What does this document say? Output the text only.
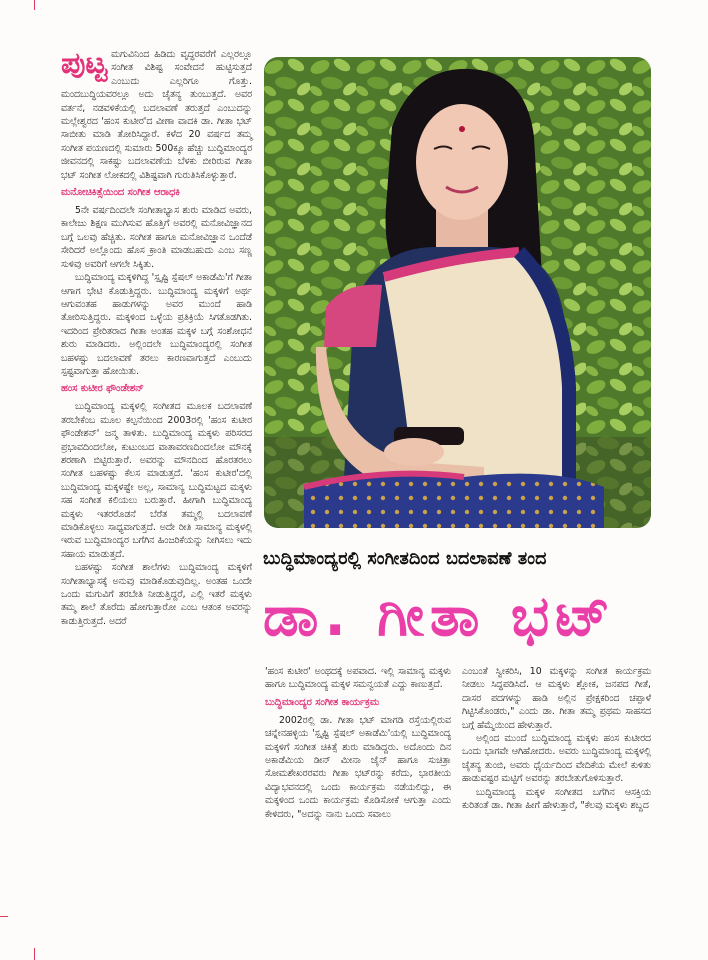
ಪುಟ್ಟ ಮಗುವಿನಿಂದ ಹಿಡಿದು ವೃದ್ಧರವರೆಗೆ ಎಲ್ಲರಲ್ಲೂ ಸಂಗೀತ ವಿಶಿಷ್ಟ ಸಂವೇದನೆ ಹುಟ್ಟಿಸುತ್ತದೆ ಎಂಬುದು ಎಲ್ಲರಿಗೂ ಗೊತ್ತು. ಮಂದಬುದ್ಧಿಯವರಲ್ಲೂ ಅದು ಚೈತನ್ಯ ತುಂಬುತ್ತದೆ. ಅವರ ವರ್ತನೆ, ನಡವಳಿಕೆಯಲ್ಲಿ ಬದಲಾವಣೆ ತರುತ್ತದೆ ಎಂಬುದನ್ನು ಮಲ್ಲೇಶ್ವರದ 'ಹಂಸ ಕುಟೀರ'ದ ವೀಣಾ ವಾದಕಿ ಡಾ. ಗೀತಾ ಭಟ್ ಸಾಬೀತು ಮಾಡಿ ತೋರಿಸಿದ್ದಾರೆ. ಕಳೆದ 20 ವರ್ಷದ ತಮ್ಮ ಸಂಗೀತ ಪಯಣದಲ್ಲಿ ಸುಮಾರು 500ಕ್ಕೂ ಹೆಚ್ಚು ಬುದ್ಧಿಮಾಂದ್ಯರ ಜೀವನದಲ್ಲಿ ಸಾಕಷ್ಟು ಬದಲಾವಣೆಯ ಬೆಳಕು ಬೀರಿರುವ ಗೀತಾ ಭಟ್ ಸಂಗೀತ ಲೋಕದಲ್ಲಿ ವಿಶಿಷ್ಟವಾಗಿ ಗುರುತಿಸಿಕೊಳ್ಳುತ್ತಾರೆ.

ಮನೋಚಿಕಿತ್ಸೆಯಿಂದ ಸಂಗೀತ ಆರಾಧಕಿ

5ನೇ ವರ್ಷದಿಂದಲೇ ಸಂಗೀತಾಭ್ಯಾಸ ಶುರು ಮಾಡಿದ ಅವರು, ಕಾಲೇಜು ಶಿಕ್ಷಣ ಮುಗಿಸುವ ಹೊತ್ತಿಗೆ ಅವರಲ್ಲಿ ಮನೋವಿಜ್ಞಾನದ ಬಗ್ಗೆ ಒಲವು ಹೆಚ್ಚಿತು. ಸಂಗೀತ ಹಾಗೂ ಮನೋವಿಜ್ಞಾನ ಒಂದೆಡೆ ಸೇರಿದರೆ ಅಲ್ಲೊಂದು ಹೊಸ ಕ್ರಾಂತಿ ಮಾಡಬಹುದು ಎಂಬ ಸಣ್ಣ ಸುಳಿವು ಅವರಿಗೆ ಆಗಲೇ ಸಿಕ್ಕಿತು.

ಬುದ್ಧಿಮಾಂದ್ಯ ಮಕ್ಕಳಿಗಿದ್ದ 'ಸ್ಪೃಷ್ಟಿ ಸ್ಪೆಷಲ್ ಅಕಾಡೆಮಿ'ಗೆ ಗೀತಾ ಆಗಾಗ ಭೇಟಿ ಕೊಡುತ್ತಿದ್ದರು. ಬುದ್ಧಿಮಾಂದ್ಯ ಮಕ್ಕಳಿಗೆ ಅರ್ಥ ಆಗುವಂತಹ ಹಾಡುಗಳನ್ನು ಅವರ ಮುಂದೆ ಹಾಡಿ ತೋರಿಸುತ್ತಿದ್ದರು. ಮಕ್ಕಳಿಂದ ಒಳ್ಳೆಯ ಪ್ರತಿಕ್ರಿಯೆ ಸಿಗತೊಡಗಿತು. ಇದರಿಂದ ಪ್ರೇರಿತರಾದ ಗೀತಾ ಅಂತಹ ಮಕ್ಕಳ ಬಗ್ಗೆ ಸಂಶೋಧನೆ ಶುರು ಮಾಡಿದರು. ಅಲ್ಲಿಂದಲೇ ಬುದ್ಧಿಮಾಂದ್ಯರಲ್ಲಿ ಸಂಗೀತ ಬಹಳಷ್ಟು ಬದಲಾವಣೆ ತರಲು ಕಾರಣವಾಗುತ್ತದೆ ಎಂಬುದು ಸ್ಪಷ್ಟವಾಗುತ್ತಾ ಹೋಯಿತು.

ಹಂಸ ಕುಟೀರ ಫೌಂಡೇಶನ್

ಬುದ್ಧಿಮಾಂದ್ಯ ಮಕ್ಕಳಲ್ಲಿ ಸಂಗೀತದ ಮೂಲಕ ಬದಲಾವಣೆ ತರಬೇಕೆಂಬ ಮೂಲ ಕಲ್ಪನೆಯಿಂದ 2003ರಲ್ಲಿ 'ಹಂಸ ಕುಟೀರ ಫೌಂಡೇಶನ್' ಜನ್ಮ ತಾಳಿತು. ಬುದ್ಧಿಮಾಂದ್ಯ ಮಕ್ಕಳು ಪರಿಸರದ ಪ್ರಭಾವದಿಂದಲೋ, ಕುಟುಂಬದ ವಾತಾವರಣದಿಂದಲೋ ಮೌನಕ್ಕೆ ಶರಣಾಗಿ ಬಿಟ್ಟಿರುತ್ತಾರೆ. ಅವರನ್ನು ಮೌನದಿಂದ ಹೊರತರಲು ಸಂಗೀತ ಬಹಳಷ್ಟು ಕೆಲಸ ಮಾಡುತ್ತದೆ. 'ಹಂಸ ಕುಟೀರ'ದಲ್ಲಿ ಬುದ್ಧಿಮಾಂದ್ಯ ಮಕ್ಕಳಷ್ಟೇ ಅಲ್ಲ, ಸಾಮಾನ್ಯ ಬುದ್ಧಿಮಟ್ಟದ ಮಕ್ಕಳು ಸಹ ಸಂಗೀತ ಕಲಿಯಲು ಬರುತ್ತಾರೆ. ಹೀಗಾಗಿ ಬುದ್ಧಿಮಾಂದ್ಯ ಮಕ್ಕಳು ಇತರರೊಡನೆ ಬೆರೆತ ತಮ್ಮಲ್ಲಿ ಬದಲಾವಣೆ ಮಾಡಿಕೊಳ್ಳಲು ಸಾಧ್ಯವಾಗುತ್ತದೆ. ಅದೇ ರೀತಿ ಸಾಮಾನ್ಯ ಮಕ್ಕಳಲ್ಲಿ ಇರುವ ಬುದ್ಧಿಮಾಂದ್ಯರ ಬಗೆಗಿನ ಹಿಂಜರಿಕೆಯನ್ನು ನೀಗಿಸಲು ಇದು ಸಹಾಯ ಮಾಡುತ್ತದೆ.

ಬಹಳಷ್ಟು ಸಂಗೀತ ಶಾಲೆಗಳು ಬುದ್ಧಿಮಾಂದ್ಯ ಮಕ್ಕಳಿಗೆ ಸಂಗೀತಾಭ್ಯಾಸಕ್ಕೆ ಅನುವು ಮಾಡಿಕೊಡುವುದಿಲ್ಲ. ಅಂತಹ ಒಂದೇ ಒಂದು ಮಗುವಿಗೆ ತರಬೇತಿ ನೀಡುತ್ತಿದ್ದರೆ, ಎಲ್ಲಿ ಇತರೆ ಮಕ್ಕಳು ತಮ್ಮ ಶಾಲೆ ತೊರೆದು ಹೋಗುತ್ತಾರೋ ಎಂಬ ಆತಂಕ ಅವರನ್ನು ಕಾಡುತ್ತಿರುತ್ತದೆ. ಅದರೆ

ಬುದ್ಧಿಮಾಂದ್ಯರಲ್ಲಿ ಸಂಗೀತದಿಂದ ಬದಲಾವಣೆ ತಂದ
ಡಾ. ಗೀತಾ ಭಟ್

'ಹಂಸ ಕುಟೀರ' ಅಂಥದಕ್ಕೆ ಅಪವಾದ. ಇಲ್ಲಿ ಸಾಮಾನ್ಯ ಮಕ್ಕಳು ಹಾಗೂ ಬುದ್ಧಿಮಾಂದ್ಯ ಮಕ್ಕಳ ಸಮನ್ವಯತೆ ಎದ್ದು ಕಾಣುತ್ತದೆ.

ಬುದ್ಧಿಮಾಂದ್ಯರ ಸಂಗೀತ ಕಾರ್ಯಕ್ರಮ

2002ರಲ್ಲಿ ಡಾ. ಗೀತಾ ಭಟ್ ಮಾಗಡಿ ರಸ್ತೆಯಲ್ಲಿರುವ ಚನ್ನೇನಹಳ್ಳಿಯ 'ಸ್ಪೃಷ್ಟಿ ಸ್ಪೆಷಲ್ ಅಕಾಡೆಮಿ'ಯಲ್ಲಿ ಬುದ್ಧಿಮಾಂದ್ಯ ಮಕ್ಕಳಿಗೆ ಸಂಗೀತ ಚಿಕಿತ್ಸೆ ಶುರು ಮಾಡಿದ್ದರು. ಅದೊಂದು ದಿನ ಅಕಾಡೆಮಿಯ ಡೀನ್ ಮೀನಾ ಜೈನ್ ಹಾಗೂ ಸುಚಿತ್ರಾ ಸೋಮಶೇಖರರವರು ಗೀತಾ ಭಟ್‌ರನ್ನು ಕರೆದು, ಭಾರತೀಯ ವಿದ್ಯಾಭವನದಲ್ಲಿ ಒಂದು ಕಾರ್ಯಕ್ರಮ ನಡೆಯಲಿದ್ದು, ಈ ಮಕ್ಕಳಿಂದ ಒಂದು ಕಾರ್ಯಕ್ರಮ ಕೊಡಿಸೋಕೆ ಆಗುತ್ತಾ ಎಂದು ಕೇಳಿದರು, "ಅದನ್ನು ನಾನು ಒಂದು ಸವಾಲು

ಎಂಬಂತೆ ಸ್ವೀಕರಿಸಿ, 10 ಮಕ್ಕಳನ್ನು ಸಂಗೀತ ಕಾರ್ಯಕ್ರಮ ನೀಡಲು ಸಿದ್ಧಪಡಿಸಿದೆ. ಆ ಮಕ್ಕಳು ಶ್ಲೋಕ, ಜನಪದ ಗೀತೆ, ದಾಸರ ಪದಗಳನ್ನು ಹಾಡಿ ಅಲ್ಲಿನ ಪ್ರೇಕ್ಷಕರಿಂದ ಚಪ್ಪಾಳೆ ಗಿಟ್ಟಿಸಿಕೊಂಡರು," ಎಂದು ಡಾ. ಗೀತಾ ತಮ್ಮ ಪ್ರಥಮ ಸಾಹಸದ ಬಗ್ಗೆ ಹೆಮ್ಮೆಯಿಂದ ಹೇಳುತ್ತಾರೆ.

ಅಲ್ಲಿಂದ ಮುಂದೆ ಬುದ್ಧಿಮಾಂದ್ಯ ಮಕ್ಕಳು ಹಂಸ ಕುಟೀರದ ಒಂದು ಭಾಗವೇ ಆಗಿಹೋದರು. ಅವರು ಬುದ್ಧಿಮಾಂದ್ಯ ಮಕ್ಕಳಲ್ಲಿ ಚೈತನ್ಯ ತುಂಬಿ, ಅವರು ಧೈರ್ಯದಿಂದ ವೇದಿಕೆಯ ಮೇಲೆ ಕುಳಿತು ಹಾಡುವಷ್ಟರ ಮಟ್ಟಿಗೆ ಅವರನ್ನು ತರಬೇತುಗೊಳಿಸುತ್ತಾರೆ.

ಬುದ್ಧಿಮಾಂದ್ಯ ಮಕ್ಕಳ ಸಂಗೀತದ ಬಗೆಗಿನ ಆಸಕ್ತಿಯ ಕುರಿತಂತೆ ಡಾ. ಗೀತಾ ಹೀಗೆ ಹೇಳುತ್ತಾರೆ, "ಕೆಲವು ಮಕ್ಕಳು ಶಬ್ದದ
